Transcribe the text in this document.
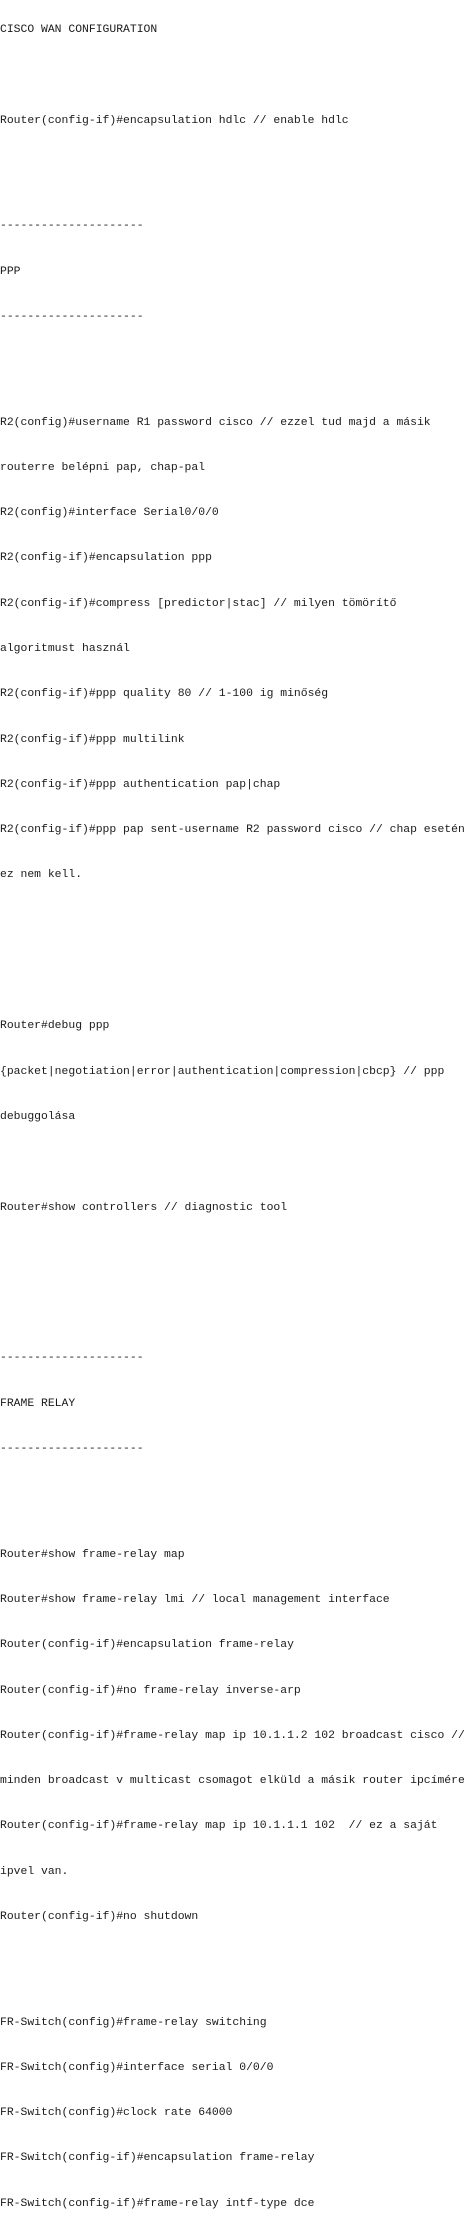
CISCO WAN CONFIGURATION

Router(config-if)#encapsulation hdlc // enable hdlc

---------------------

PPP

---------------------

R2(config)#username R1 password cisco // ezzel tud majd a másik

routerre belépni pap, chap-pal

R2(config)#interface Serial0/0/0

R2(config-if)#encapsulation ppp

R2(config-if)#compress [predictor|stac] // milyen tömörítő

algoritmust használ

R2(config-if)#ppp quality 80 // 1-100 ig minőség

R2(config-if)#ppp multilink

R2(config-if)#ppp authentication pap|chap

R2(config-if)#ppp pap sent-username R2 password cisco // chap esetén

ez nem kell.

Router#debug ppp

{packet|negotiation|error|authentication|compression|cbcp} // ppp

debuggolása

Router#show controllers // diagnostic tool

---------------------

FRAME RELAY

---------------------

Router#show frame-relay map

Router#show frame-relay lmi // local management interface

Router(config-if)#encapsulation frame-relay

Router(config-if)#no frame-relay inverse-arp

Router(config-if)#frame-relay map ip 10.1.1.2 102 broadcast cisco //

minden broadcast v multicast csomagot elküld a másik router ipcímére

Router(config-if)#frame-relay map ip 10.1.1.1 102  // ez a saját

ipvel van.

Router(config-if)#no shutdown

FR-Switch(config)#frame-relay switching

FR-Switch(config)#interface serial 0/0/0

FR-Switch(config)#clock rate 64000

FR-Switch(config-if)#encapsulation frame-relay

FR-Switch(config-if)#frame-relay intf-type dce
